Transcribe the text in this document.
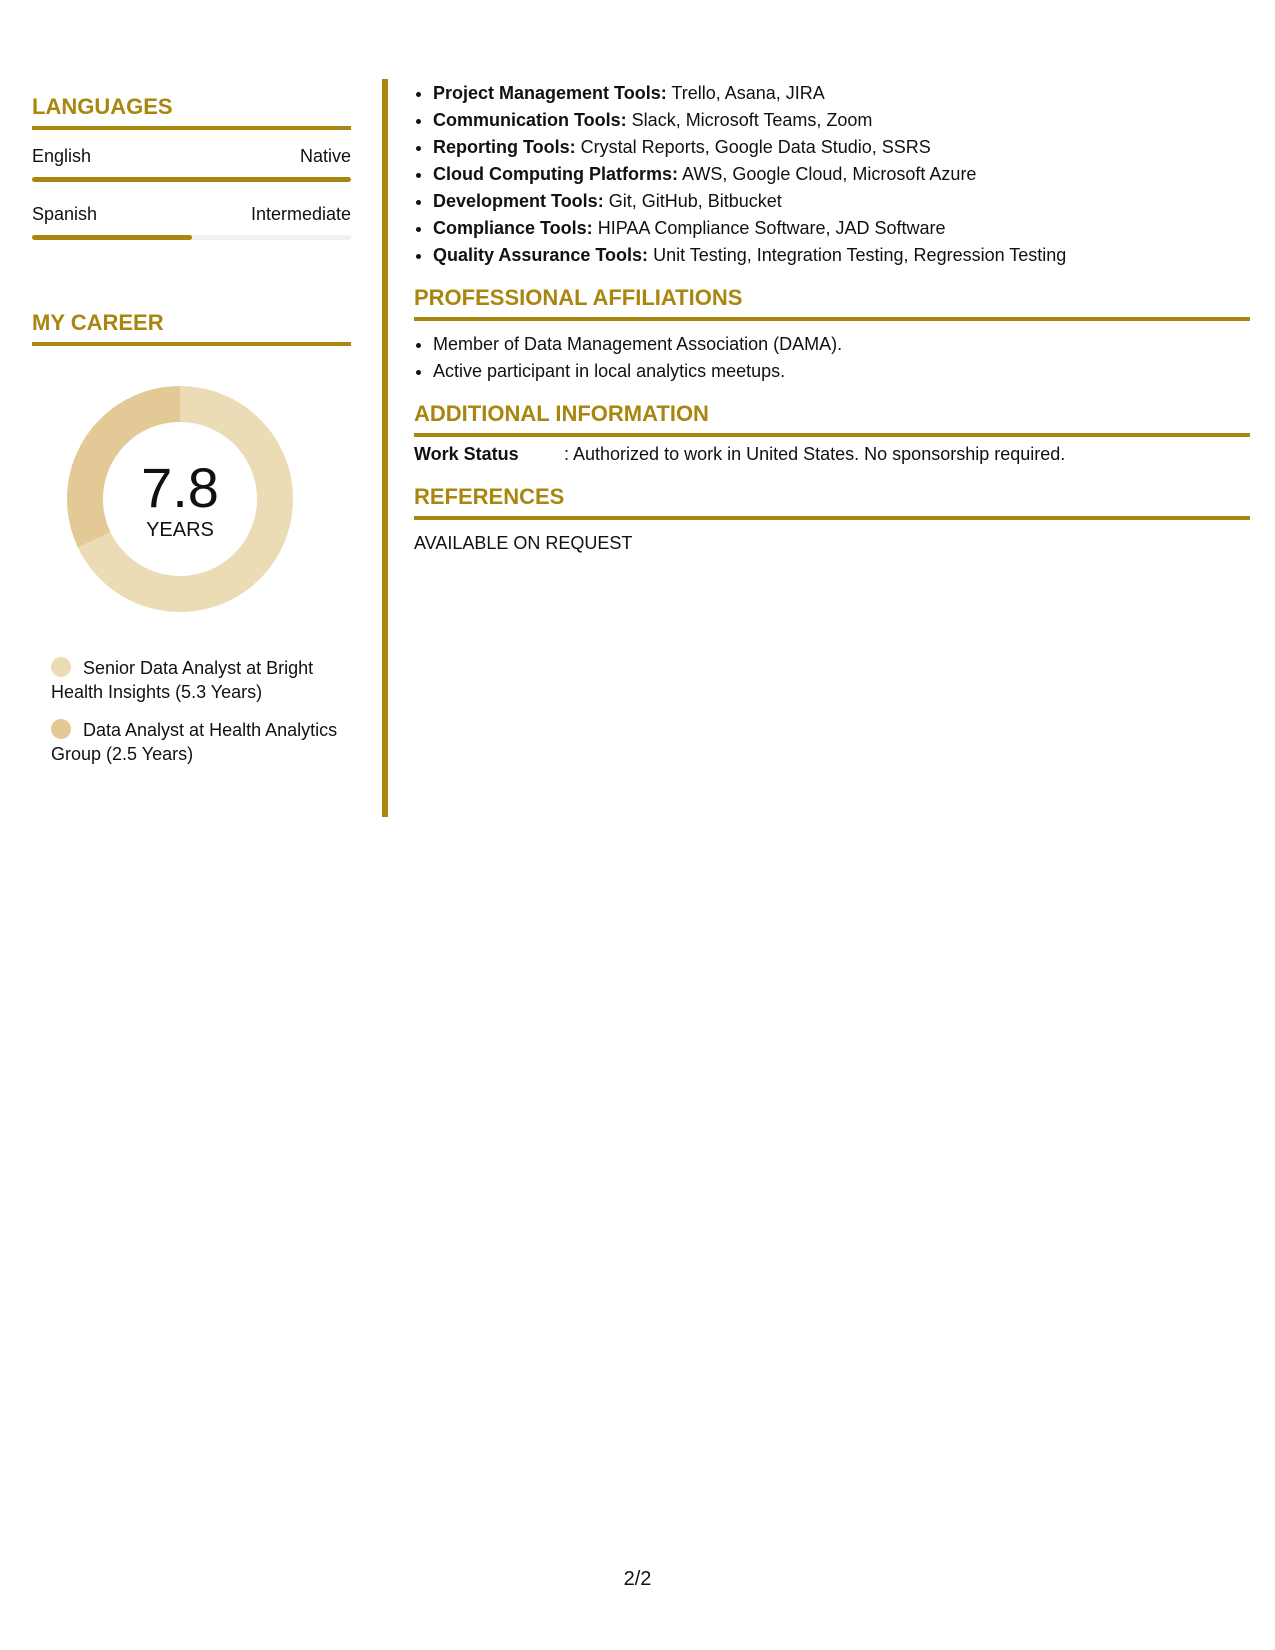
LANGUAGES
English	Native
Spanish	Intermediate
MY CAREER
7.8
YEARS
Senior Data Analyst at Bright Health Insights (5.3 Years)
Data Analyst at Health Analytics Group (2.5 Years)
• Project Management Tools: Trello, Asana, JIRA
• Communication Tools: Slack, Microsoft Teams, Zoom
• Reporting Tools: Crystal Reports, Google Data Studio, SSRS
• Cloud Computing Platforms: AWS, Google Cloud, Microsoft Azure
• Development Tools: Git, GitHub, Bitbucket
• Compliance Tools: HIPAA Compliance Software, JAD Software
• Quality Assurance Tools: Unit Testing, Integration Testing, Regression Testing
PROFESSIONAL AFFILIATIONS
• Member of Data Management Association (DAMA).
• Active participant in local analytics meetups.
ADDITIONAL INFORMATION
Work Status	: Authorized to work in United States. No sponsorship required.
REFERENCES
AVAILABLE ON REQUEST
2/2
